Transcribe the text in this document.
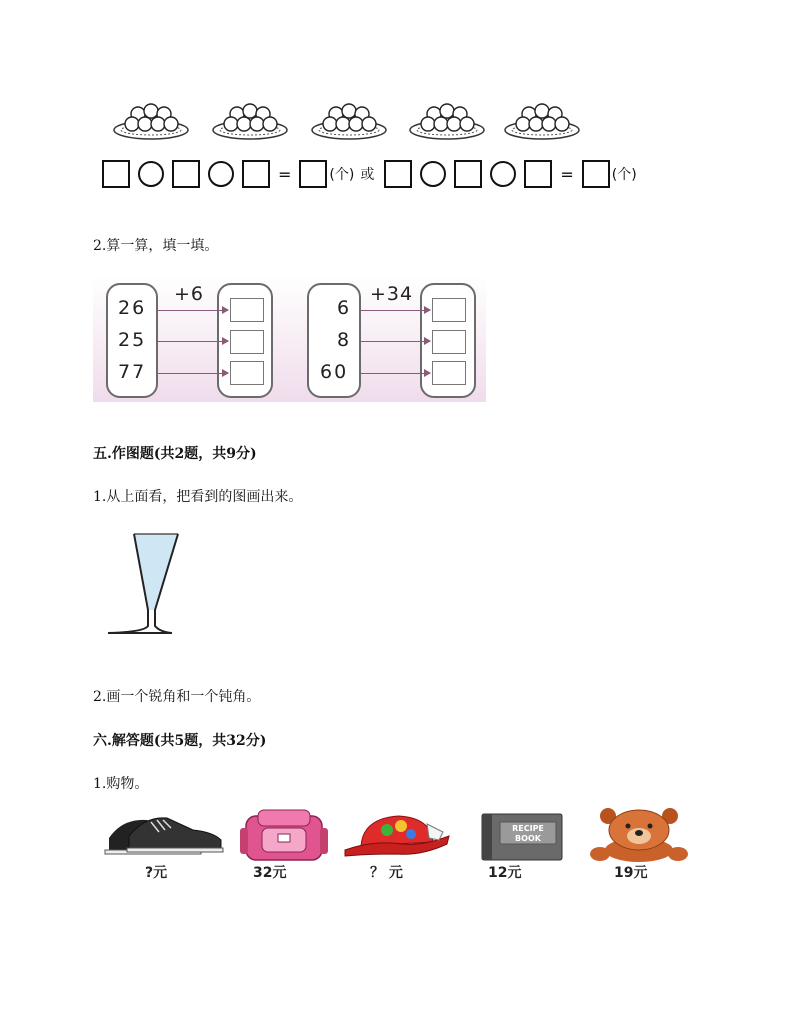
=	(个) 或	=	(个)
2.算一算，填一填。
+6
26
25
77
+34
6
8
60
五.作图题(共2题，共9分)
1.从上面看，把看到的图画出来。
2.画一个锐角和一个钝角。
六.解答题(共5题，共32分)
1.购物。
?元	32元	？ 元
RECIPE
BOOK
12元	19元
